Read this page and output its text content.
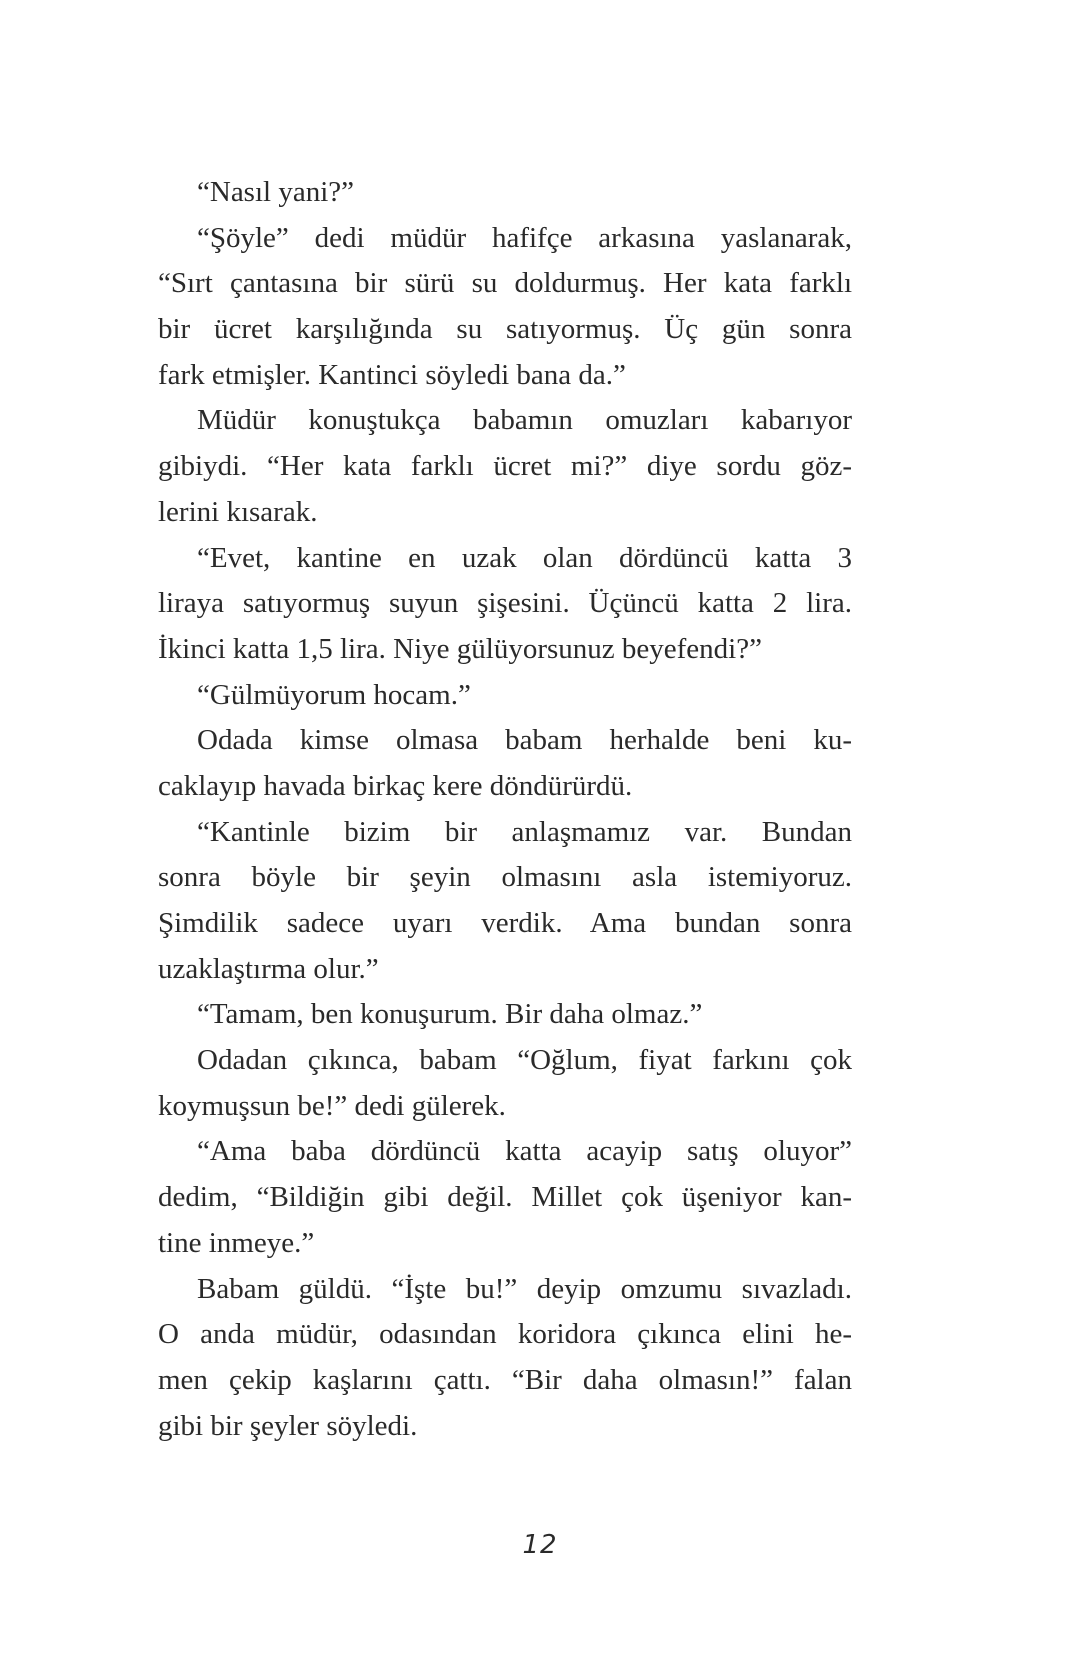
“Nasıl yani?”
“Şöyle” dedi müdür hafifçe arkasına yaslanarak,
“Sırt çantasına bir sürü su doldurmuş. Her kata farklı
bir ücret karşılığında su satıyormuş. Üç gün sonra
fark etmişler. Kantinci söyledi bana da.”
Müdür konuştukça babamın omuzları kabarıyor
gibiydi. “Her kata farklı ücret mi?” diye sordu göz-
lerini kısarak.
“Evet, kantine en uzak olan dördüncü katta 3
liraya satıyormuş suyun şişesini. Üçüncü katta 2 lira.
İkinci katta 1,5 lira. Niye gülüyorsunuz beyefendi?”
“Gülmüyorum hocam.”
Odada kimse olmasa babam herhalde beni ku-
caklayıp havada birkaç kere döndürürdü.
“Kantinle bizim bir anlaşmamız var. Bundan
sonra böyle bir şeyin olmasını asla istemiyoruz.
Şimdilik sadece uyarı verdik. Ama bundan sonra
uzaklaştırma olur.”
“Tamam, ben konuşurum. Bir daha olmaz.”
Odadan çıkınca, babam “Oğlum, fiyat farkını çok
koymuşsun be!” dedi gülerek.
“Ama baba dördüncü katta acayip satış oluyor”
dedim, “Bildiğin gibi değil. Millet çok üşeniyor kan-
tine inmeye.”
Babam güldü. “İşte bu!” deyip omzumu sıvazladı.
O anda müdür, odasından koridora çıkınca elini he-
men çekip kaşlarını çattı. “Bir daha olmasın!” falan
gibi bir şeyler söyledi.
12
